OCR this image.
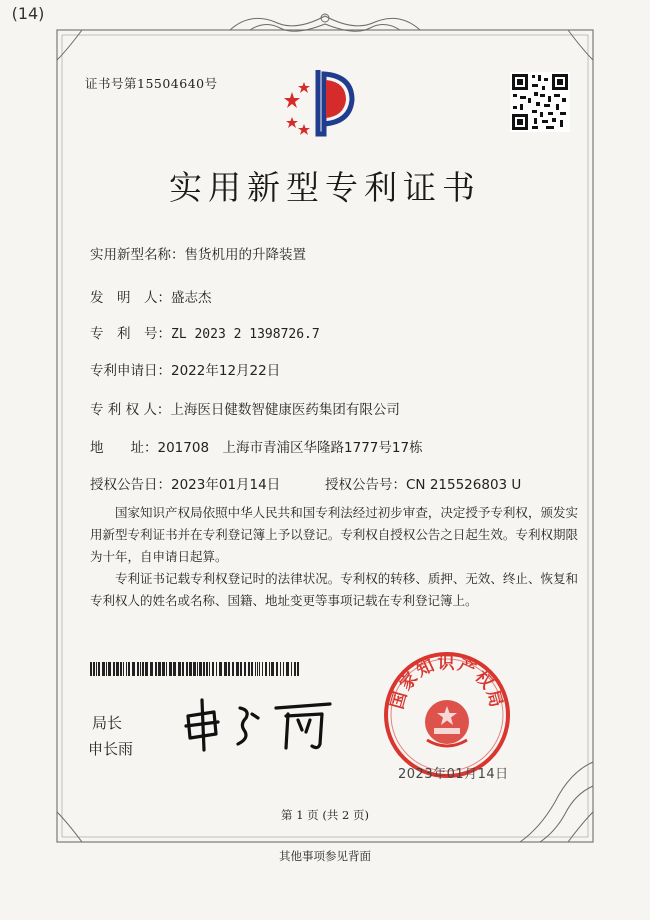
(14)
证书号第15504640号
实用新型专利证书
实用新型名称：售货机用的升降装置
发　明　人：盛志杰
专　利　号：ZL 2023 2 1398726.7
专利申请日：2022年12月22日
专 利 权 人：上海医日健数智健康医药集团有限公司
地　　址：201708　上海市青浦区华隆路1777号17栋
授权公告日：2023年01月14日	授权公告号：CN 215526803 U
国家知识产权局依照中华人民共和国专利法经过初步审查，决定授予专利权，颁发实用新型专利证书并在专利登记簿上予以登记。专利权自授权公告之日起生效。专利权期限为十年，自申请日起算。
专利证书记载专利权登记时的法律状况。专利权的转移、质押、无效、终止、恢复和专利权人的姓名或名称、国籍、地址变更等事项记载在专利登记簿上。
局长
申长雨
国家知识产权局
2023年01月14日
第 1 页 (共 2 页)
其他事项参见背面
